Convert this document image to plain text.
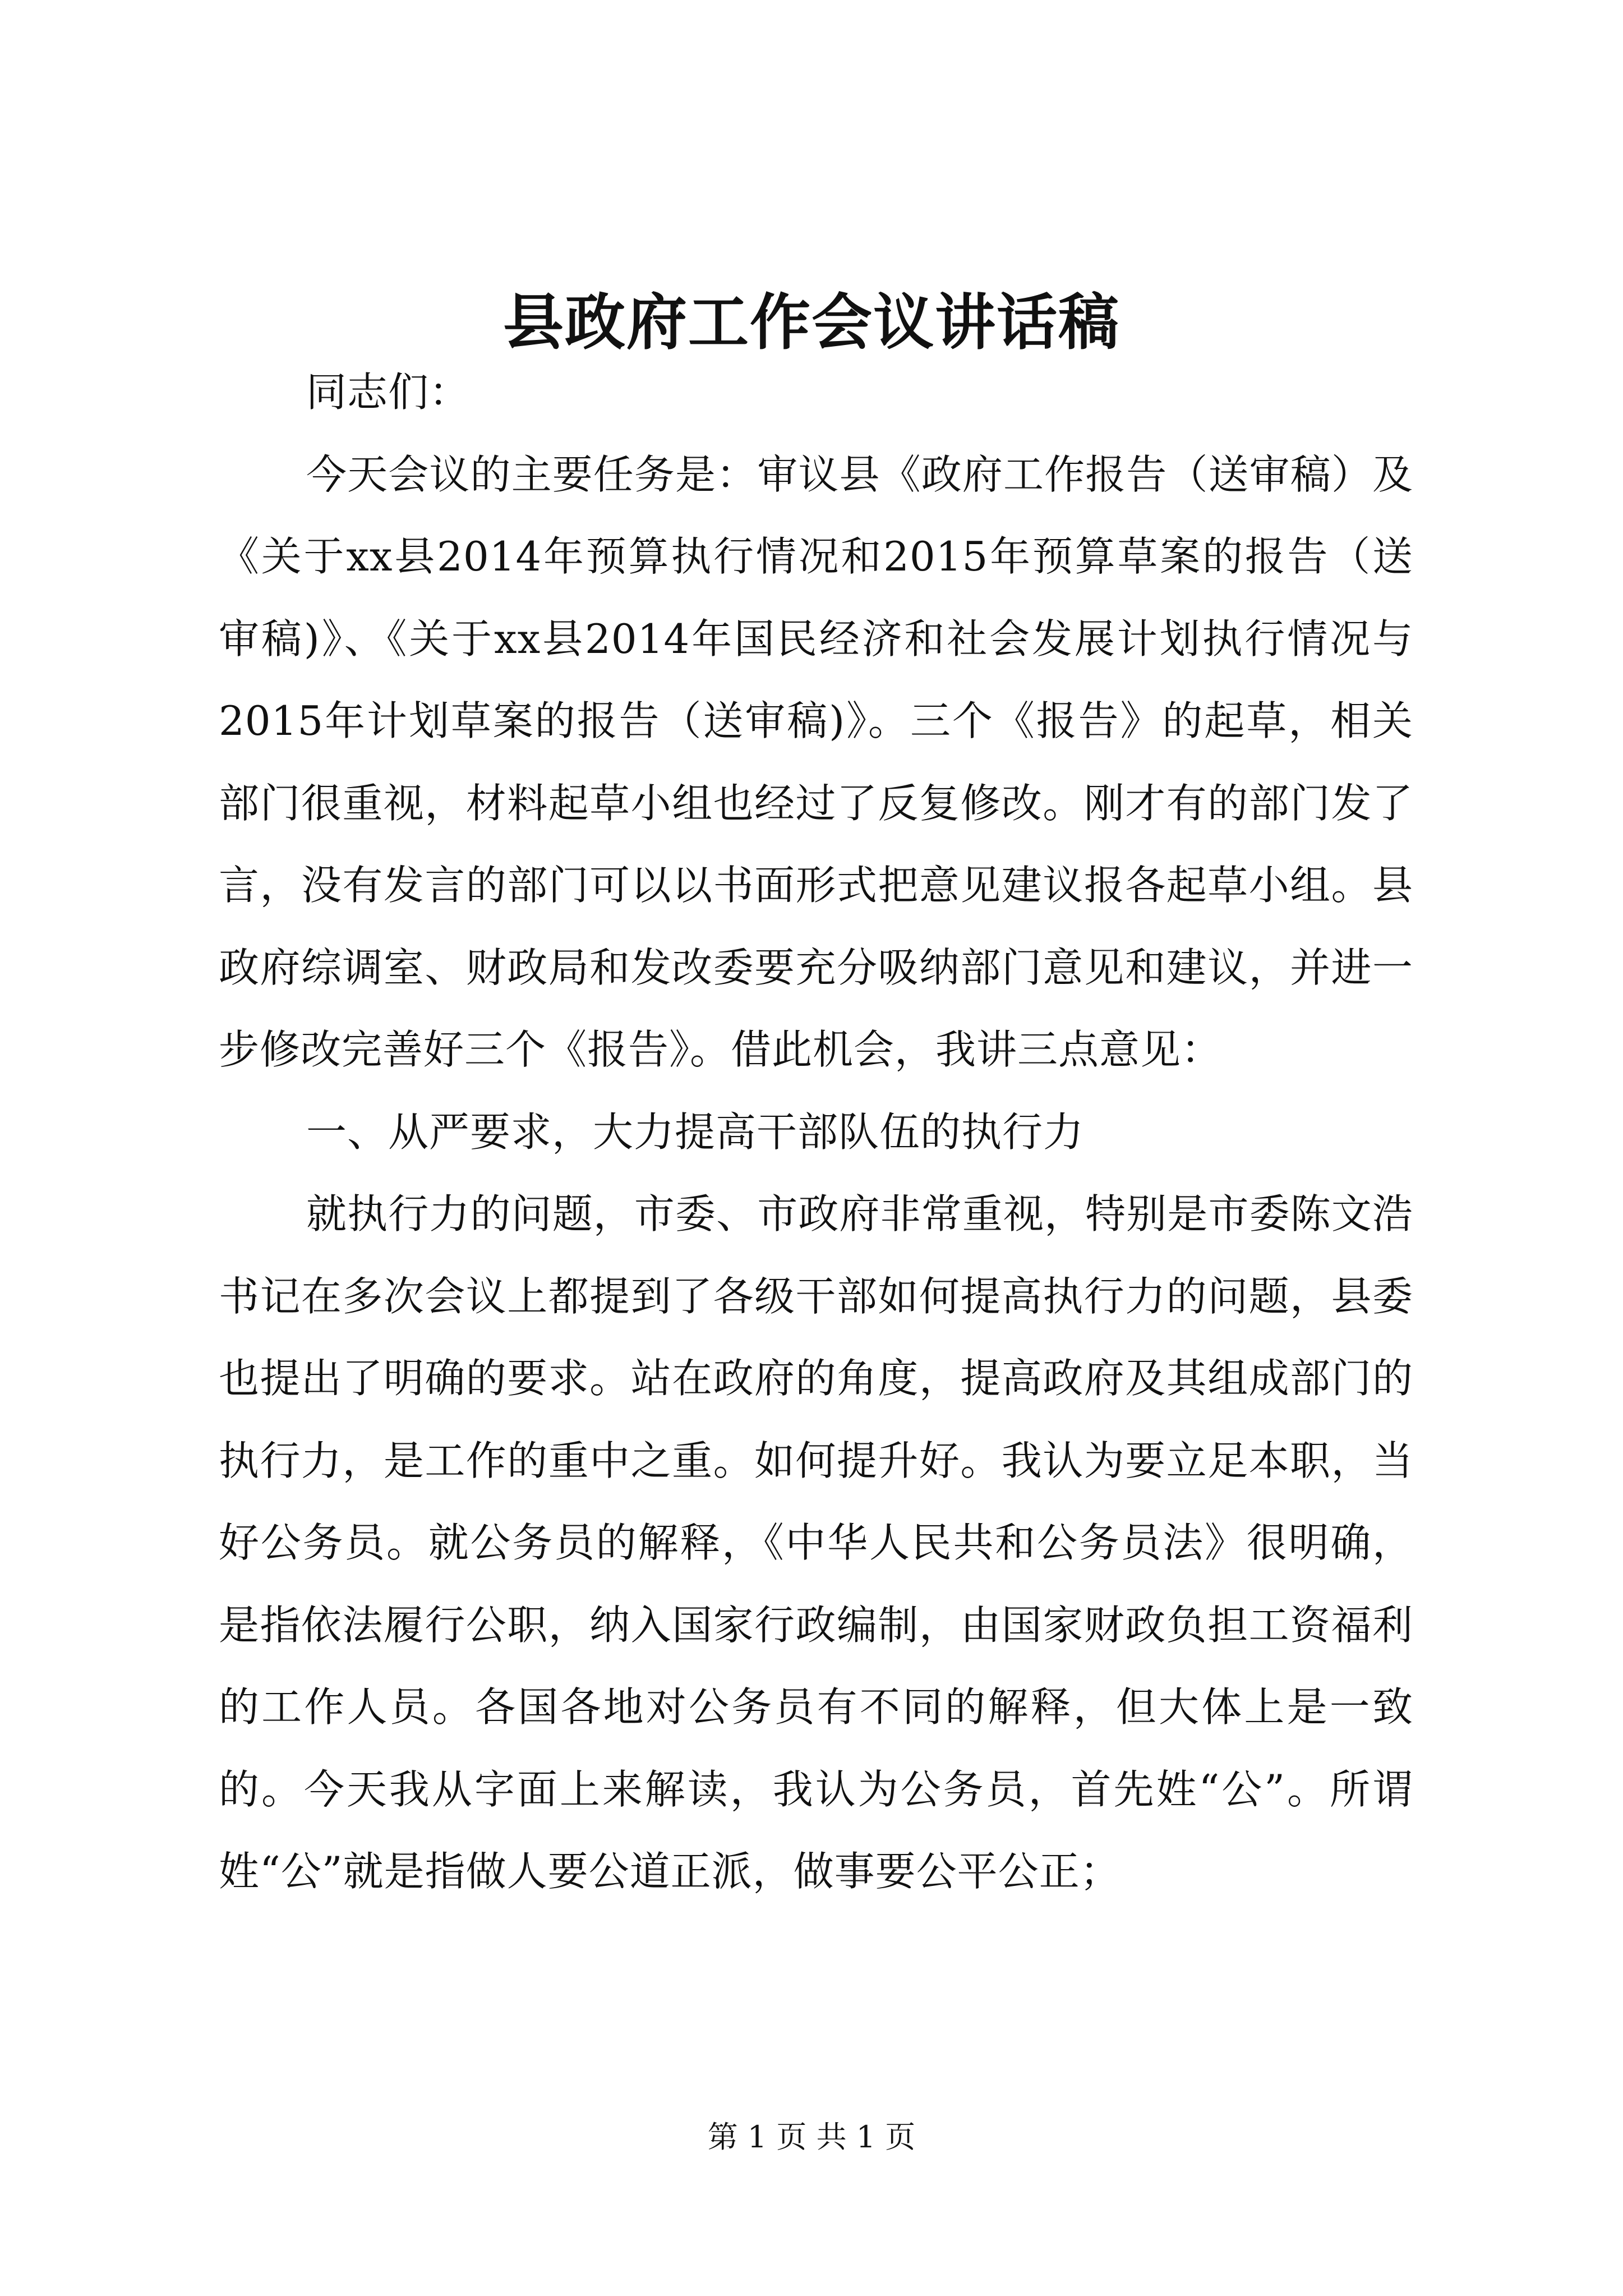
县政府工作会议讲话稿

同志们：

今天会议的主要任务是：审议县《政府工作报告（送审稿）及《关于xx县2014年预算执行情况和2015年预算草案的报告（送审稿)》、《关于xx县2014年国民经济和社会发展计划执行情况与2015年计划草案的报告（送审稿)》。三个《报告》的起草，相关部门很重视，材料起草小组也经过了反复修改。刚才有的部门发了言，没有发言的部门可以以书面形式把意见建议报各起草小组。县政府综调室、财政局和发改委要充分吸纳部门意见和建议，并进一步修改完善好三个《报告》。借此机会，我讲三点意见：

一、从严要求，大力提高干部队伍的执行力

就执行力的问题，市委、市政府非常重视，特别是市委陈文浩书记在多次会议上都提到了各级干部如何提高执行力的问题，县委也提出了明确的要求。站在政府的角度，提高政府及其组成部门的执行力，是工作的重中之重。如何提升好。我认为要立足本职，当好公务员。就公务员的解释，《中华人民共和公务员法》很明确，是指依法履行公职，纳入国家行政编制，由国家财政负担工资福利的工作人员。各国各地对公务员有不同的解释，但大体上是一致的。今天我从字面上来解读，我认为公务员，首先姓“公”。所谓姓“公”就是指做人要公道正派，做事要公平公正；

第 1 页 共 1 页
